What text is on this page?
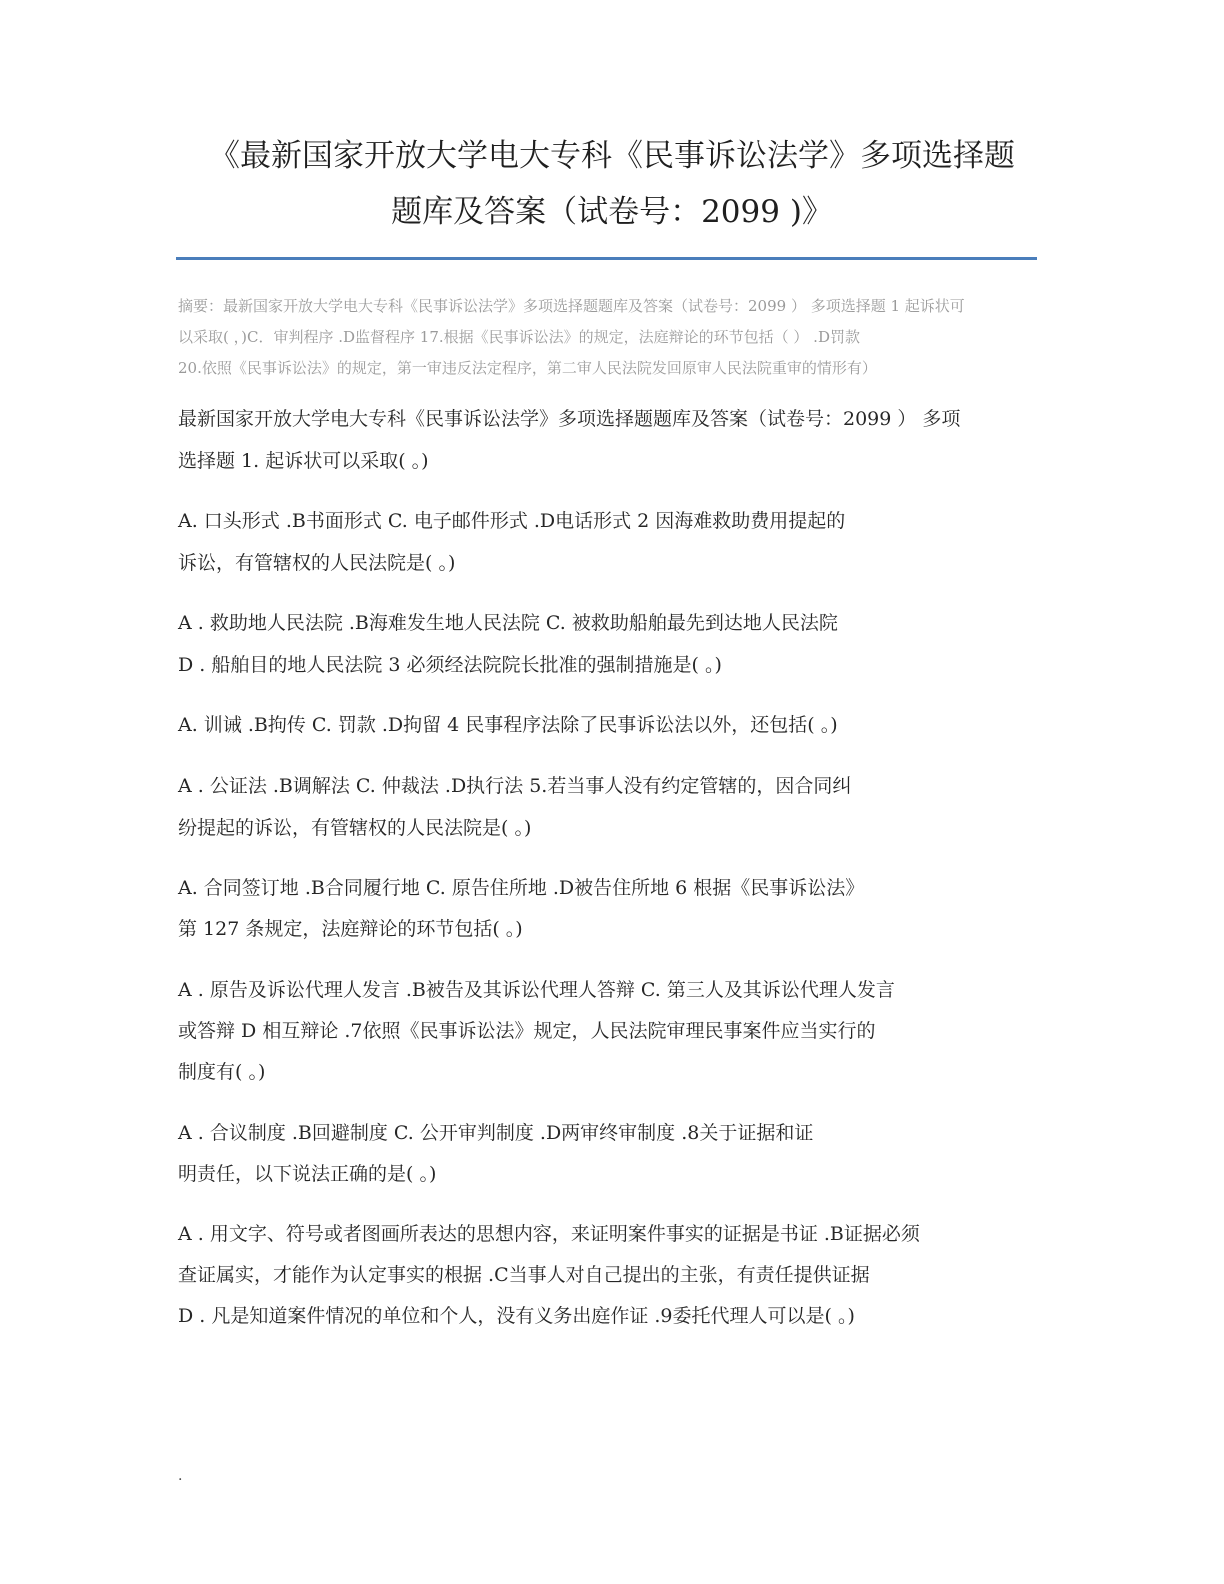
《最新国家开放大学电大专科《民事诉讼法学》多项选择题
题库及答案（试卷号：2099 )》
摘要：最新国家开放大学电大专科《民事诉讼法学》多项选择题题库及答案（试卷号：2099 ） 多项选择题 1 起诉状可
以采取( ，)C．审判程序 .D监督程序 17.根据《民事诉讼法》的规定，法庭辩论的环节包括（ ） .D罚款
20.依照《民事诉讼法》的规定，第一审违反法定程序，第二审人民法院发回原审人民法院重审的情形有）
最新国家开放大学电大专科《民事诉讼法学》多项选择题题库及答案（试卷号：2099 ） 多项
选择题 1. 起诉状可以采取( 。)
A. 口头形式 .B书面形式 C. 电子邮件形式 .D电话形式 2 因海难救助费用提起的
诉讼，有管辖权的人民法院是( 。)
A . 救助地人民法院 .B海难发生地人民法院 C. 被救助船舶最先到达地人民法院
D . 船舶目的地人民法院 3 必须经法院院长批准的强制措施是( 。)
A. 训诫 .B拘传 C. 罚款 .D拘留 4 民事程序法除了民事诉讼法以外，还包括( 。)
A . 公证法 .B调解法 C. 仲裁法 .D执行法 5.若当事人没有约定管辖的，因合同纠
纷提起的诉讼，有管辖权的人民法院是( 。)
A. 合同签订地 .B合同履行地 C. 原告住所地 .D被告住所地 6 根据《民事诉讼法》
第 127 条规定，法庭辩论的环节包括( 。)
A . 原告及诉讼代理人发言 .B被告及其诉讼代理人答辩 C. 第三人及其诉讼代理人发言
或答辩 D 相互辩论 .7依照《民事诉讼法》规定，人民法院审理民事案件应当实行的
制度有( 。)
A . 合议制度 .B回避制度 C. 公开审判制度 .D两审终审制度 .8关于证据和证
明责任，以下说法正确的是( 。)
A . 用文字、符号或者图画所表达的思想内容，来证明案件事实的证据是书证 .B证据必须
查证属实，才能作为认定事实的根据 .C当事人对自己提出的主张，有责任提供证据
D . 凡是知道案件情况的单位和个人，没有义务出庭作证 .9委托代理人可以是( 。)
.
